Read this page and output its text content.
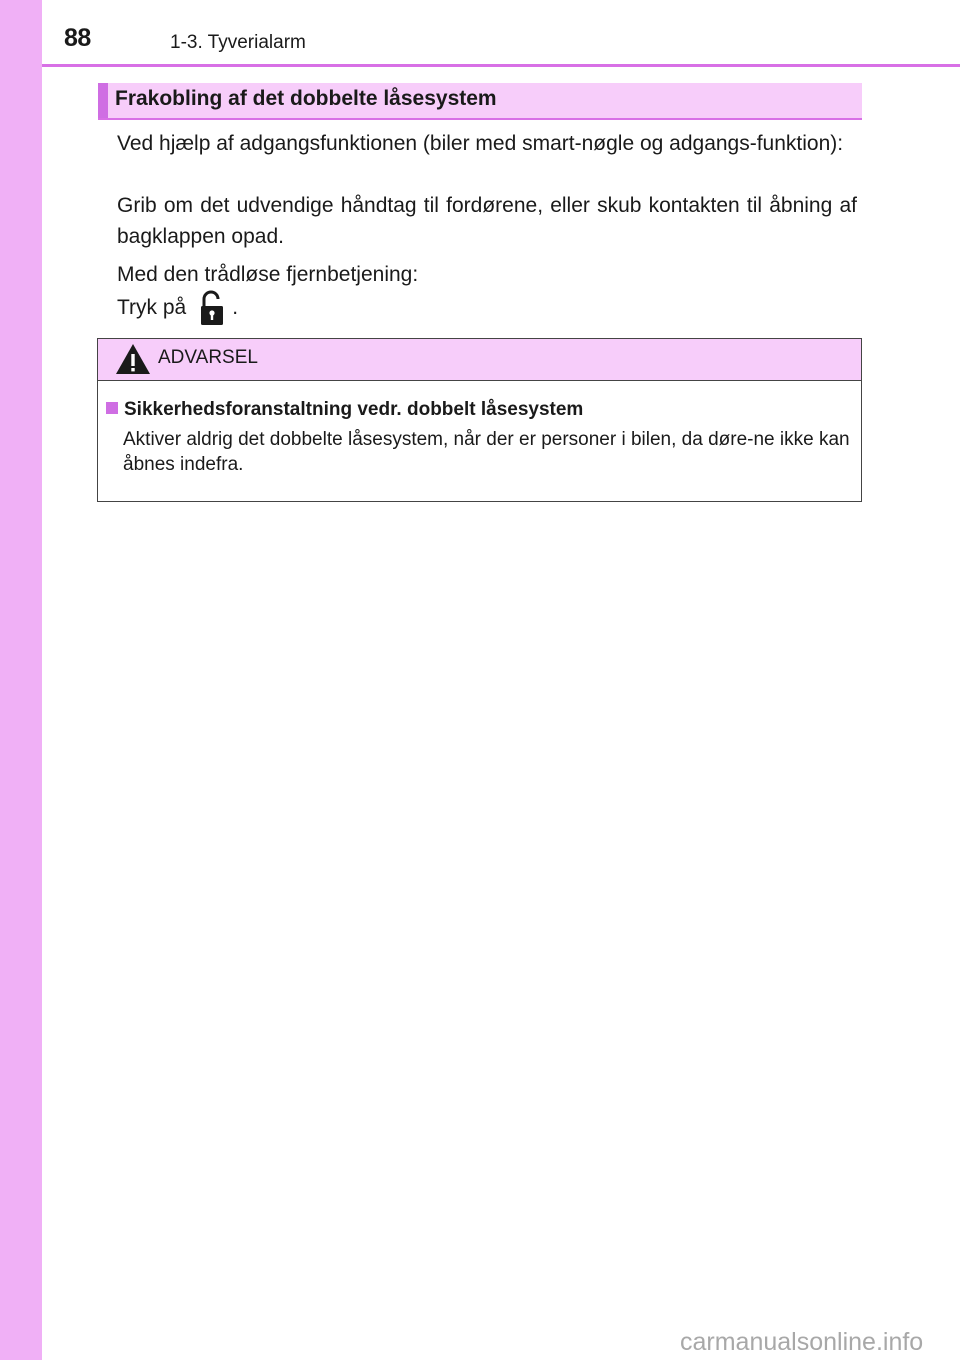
88	1-3. Tyverialarm
Frakobling af det dobbelte låsesystem
Ved hjælp af adgangsfunktionen (biler med smart-nøgle og adgangs-funktion):
Grib om det udvendige håndtag til fordørene, eller skub kontakten til åbning af bagklappen opad.
Med den trådløse fjernbetjening:
Tryk på .
ADVARSEL
Sikkerhedsforanstaltning vedr. dobbelt låsesystem
Aktiver aldrig det dobbelte låsesystem, når der er personer i bilen, da døre-ne ikke kan åbnes indefra.
carmanualsonline.info
